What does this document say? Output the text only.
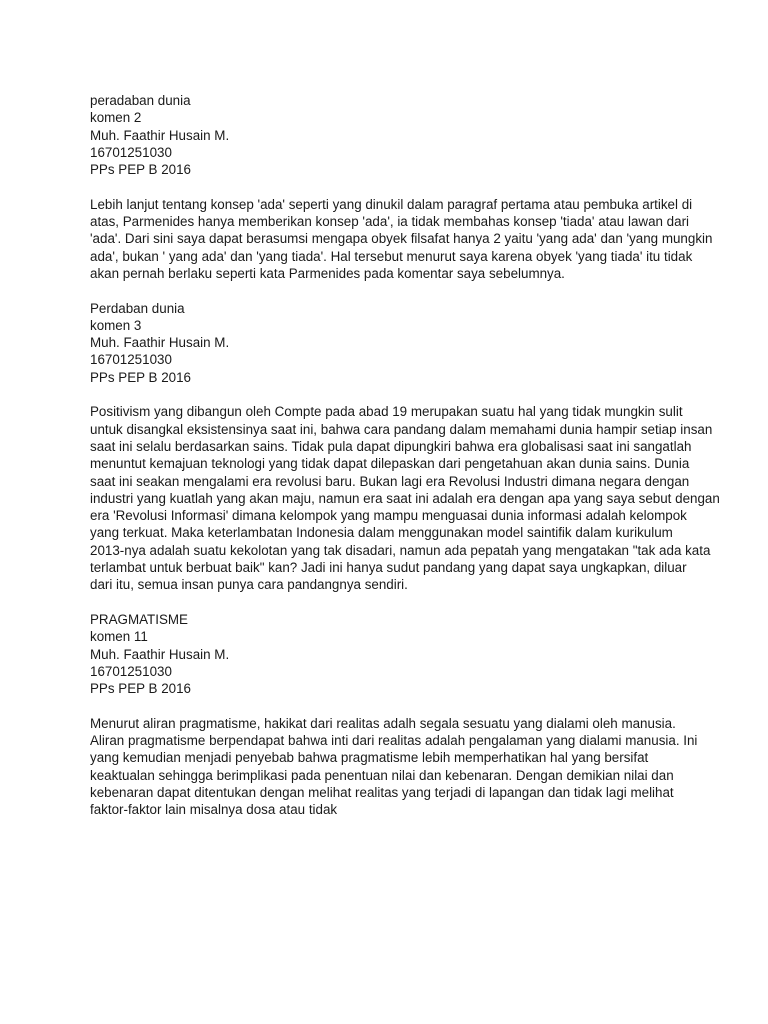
peradaban dunia
komen 2
Muh. Faathir Husain M.
16701251030
PPs PEP B 2016
Lebih lanjut tentang konsep 'ada' seperti yang dinukil dalam paragraf pertama atau pembuka artikel di
atas, Parmenides hanya memberikan konsep 'ada', ia tidak membahas konsep 'tiada' atau lawan dari
'ada'. Dari sini saya dapat berasumsi mengapa obyek filsafat hanya 2 yaitu 'yang ada' dan 'yang mungkin
ada', bukan ' yang ada' dan 'yang tiada'. Hal tersebut menurut saya karena obyek 'yang tiada' itu tidak
akan pernah berlaku seperti kata Parmenides pada komentar saya sebelumnya.
Perdaban dunia
komen 3
Muh. Faathir Husain M.
16701251030
PPs PEP B 2016
Positivism yang dibangun oleh Compte pada abad 19 merupakan suatu hal yang tidak mungkin sulit
untuk disangkal eksistensinya saat ini, bahwa cara pandang dalam memahami dunia hampir setiap insan
saat ini selalu berdasarkan sains. Tidak pula dapat dipungkiri bahwa era globalisasi saat ini sangatlah
menuntut kemajuan teknologi yang tidak dapat dilepaskan dari pengetahuan akan dunia sains. Dunia
saat ini seakan mengalami era revolusi baru. Bukan lagi era Revolusi Industri dimana negara dengan
industri yang kuatlah yang akan maju, namun era saat ini adalah era dengan apa yang saya sebut dengan
era 'Revolusi Informasi' dimana kelompok yang mampu menguasai dunia informasi adalah kelompok
yang terkuat. Maka keterlambatan Indonesia dalam menggunakan model saintifik dalam kurikulum
2013-nya adalah suatu kekolotan yang tak disadari, namun ada pepatah yang mengatakan "tak ada kata
terlambat untuk berbuat baik" kan? Jadi ini hanya sudut pandang yang dapat saya ungkapkan, diluar
dari itu, semua insan punya cara pandangnya sendiri.
PRAGMATISME
komen 11
Muh. Faathir Husain M.
16701251030
PPs PEP B 2016
Menurut aliran pragmatisme, hakikat dari realitas adalh segala sesuatu yang dialami oleh manusia.
Aliran pragmatisme berpendapat bahwa inti dari realitas adalah pengalaman yang dialami manusia. Ini
yang kemudian menjadi penyebab bahwa pragmatisme lebih memperhatikan hal yang bersifat
keaktualan sehingga berimplikasi pada penentuan nilai dan kebenaran. Dengan demikian nilai dan
kebenaran dapat ditentukan dengan melihat realitas yang terjadi di lapangan dan tidak lagi melihat
faktor-faktor lain misalnya dosa atau tidak
